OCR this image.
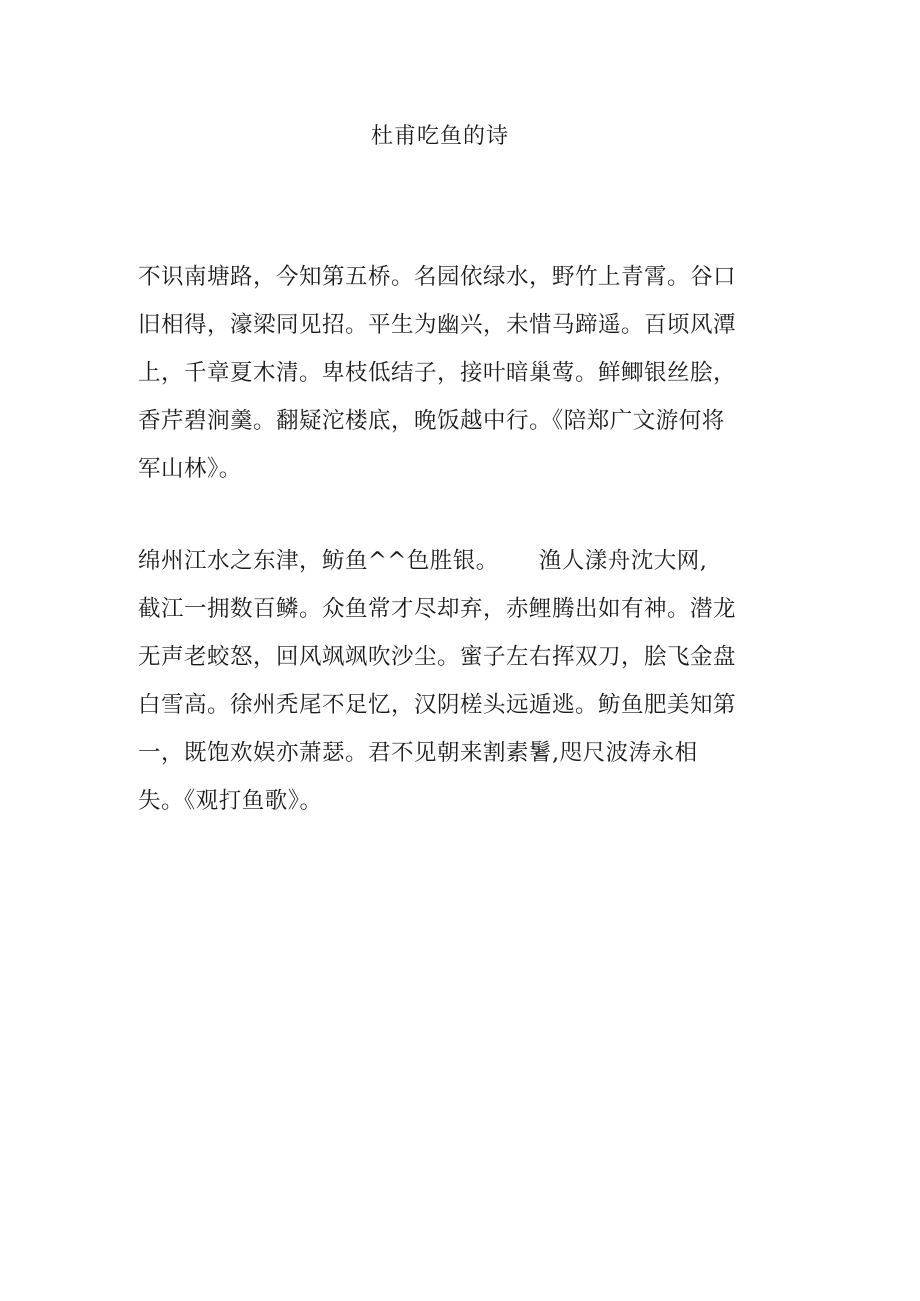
杜甫吃鱼的诗
不识南塘路，今知第五桥。名园依绿水，野竹上青霄。谷口
旧相得，濠梁同见招。平生为幽兴，未惜马蹄遥。百顷风潭
上，千章夏木清。卑枝低结子，接叶暗巢莺。鲜鲫银丝脍，
香芹碧涧羹。翻疑沱楼底，晚饭越中行。《陪郑广文游何将
军山林》。
绵州江水之东津，鲂鱼^^色胜银。 渔人漾舟沈大网,
截江一拥数百鳞。众鱼常才尽却弃，赤鲤腾出如有神。潜龙
无声老蛟怒，回风飒飒吹沙尘。蜜子左右挥双刀，脍飞金盘
白雪高。徐州秃尾不足忆，汉阴槎头远遁逃。鲂鱼肥美知第
一，既饱欢娱亦萧瑟。君不见朝来割素鬐,咫尺波涛永相
失。《观打鱼歌》。
